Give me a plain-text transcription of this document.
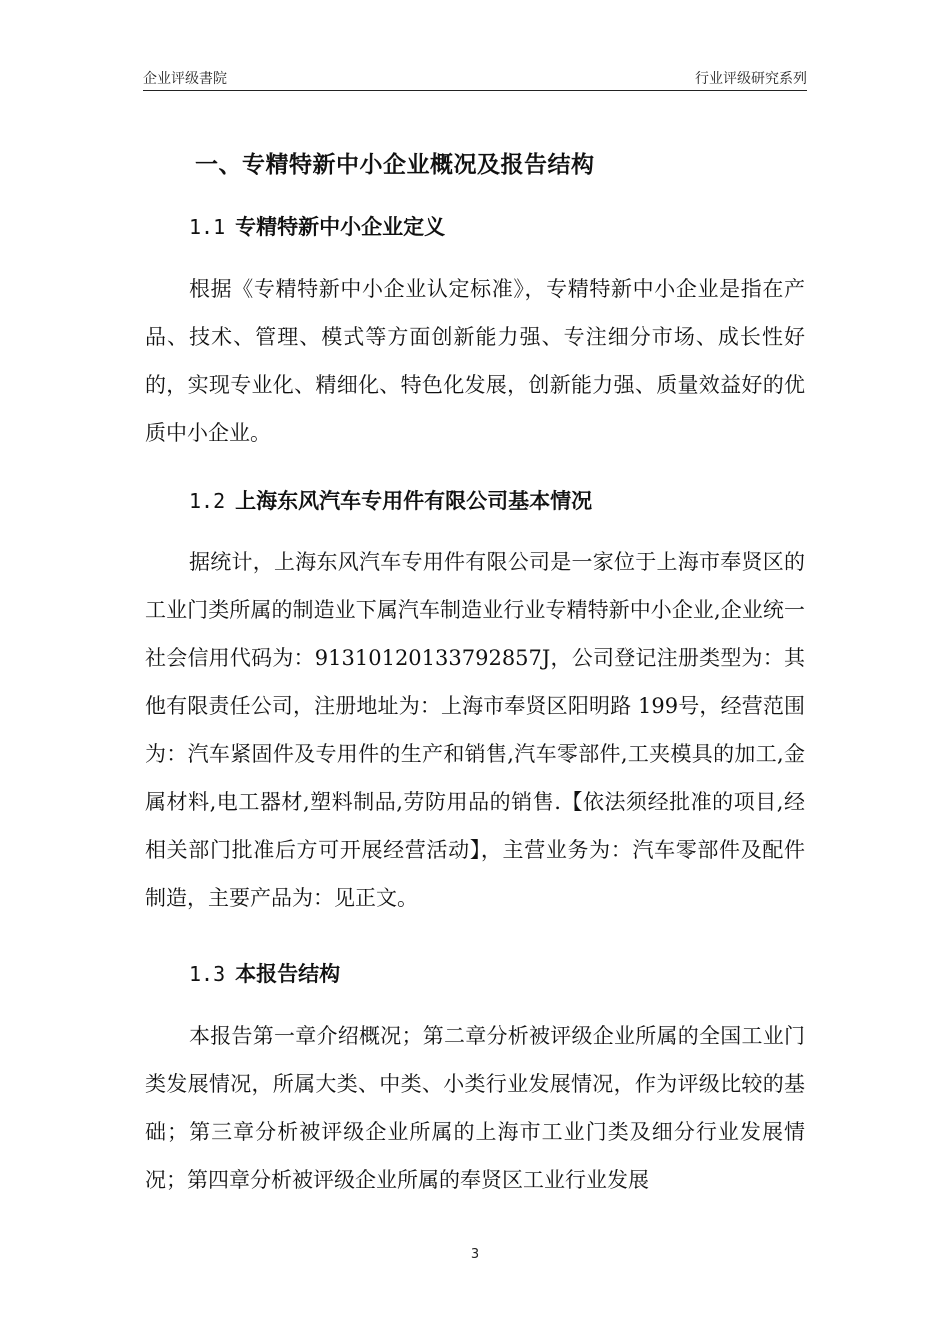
企业评级書院	行业评级研究系列
一、专精特新中小企业概况及报告结构
1.1 专精特新中小企业定义
根据《专精特新中小企业认定标准》，专精特新中小企业是指在产品、技术、管理、模式等方面创新能力强、专注细分市场、成长性好的，实现专业化、精细化、特色化发展，创新能力强、质量效益好的优质中小企业。
1.2 上海东风汽车专用件有限公司基本情况
据统计，上海东风汽车专用件有限公司是一家位于上海市奉贤区的工业门类所属的制造业下属汽车制造业行业专精特新中小企业,企业统一社会信用代码为：91310120133792857J，公司登记注册类型为：其他有限责任公司，注册地址为：上海市奉贤区阳明路 199号，经营范围为：汽车紧固件及专用件的生产和销售,汽车零部件,工夹模具的加工,金属材料,电工器材,塑料制品,劳防用品的销售.【依法须经批准的项目,经相关部门批准后方可开展经营活动】，主营业务为：汽车零部件及配件制造，主要产品为：见正文。
1.3 本报告结构
本报告第一章介绍概况；第二章分析被评级企业所属的全国工业门类发展情况，所属大类、中类、小类行业发展情况，作为评级比较的基础；第三章分析被评级企业所属的上海市工业门类及细分行业发展情况；第四章分析被评级企业所属的奉贤区工业行业发展
3
